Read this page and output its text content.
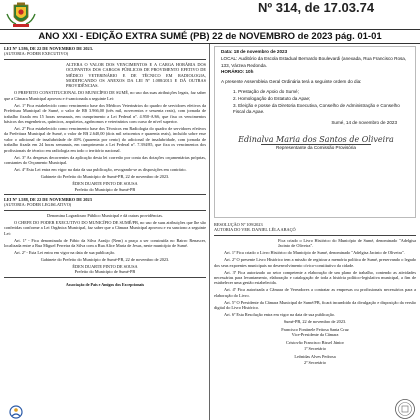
Nº 314, de 17.03.74
ANO XXI - EDIÇÃO EXTRA SUMÉ (PB) 22 de NOVEMBRO de 2023 pág. 01-01
LEI Nº 1.586, DE 22 DE NOVEMBRO DE 2023.
(AUTORIA: PODER EXECUTIVO)

ALTERA O VALOR DOS VENCIMENTOS E A CARGA HORÁRIA DOS OCUPANTES DOS CARGOS PÚBLICOS DE PROVIMENTO EFETIVO DE MÉDICO VETERINÁRIO E DE TÉCNICO EM RADIOLOGIA, MODIFICANDO OS ANEXOS DA LEI Nº 1.088/2013 E DÁ OUTRAS PROVIDÊNCIAS.

O PREFEITO CONSTITUCIONAL DO MUNICÍPIO DE SUMÉ, no uso das suas atribuições legais, faz saber que a Câmara Municipal aprovou e é sancionada a seguinte Lei:

Art. 1º Fica estabelecido como vencimento base dos Médicos Veterinários do quadro de servidores efetivos da Prefeitura Municipal de Sumé, o valor de R$ 3.966,00 (três mil, novecentos e sessenta reais), com jornada de trabalho fixada em 15 horas semanais, em cumprimento a Lei Federal nº. 4.950-A/66, que fixa os vencimentos básicos dos engenheiros, químicos, arquitetos, agrônomos e veterinários com curso de nível superior.

Art. 2º Fica estabelecido como vencimento base dos Técnicos em Radiologia do quadro de servidores efetivos da Prefeitura Municipal de Sumé, o valor de R$ 2.640,00 (dois mil seiscentos e quarenta reais), incluído sobre esse valor o adicional de insalubridade de 40% (quarenta por cento) do adicional de insalubridade, com jornada de trabalho fixada em 24 horas semanais, em cumprimento a Lei Federal nº. 7.394/85, que fixa os vencimentos dos profissionais de técnico em radiologia em todo o território nacional.

Art. 3º As despesas decorrentes da aplicação desta lei correrão por conta das dotações orçamentárias próprias, constantes do Orçamento Municipal.

Art. 4º Esta Lei entra em vigor na data da sua publicação, revogando-se as disposições em contrário.

Gabinete do Prefeito do Município de Sumé-PB, 22 de novembro de 2023.

ÉDEN DUARTE PINTO DE SOUSA
Prefeito do Município de Sumé-PB
LEI Nº 1.588, DE 22 DE NOVEMBRO DE 2023
(AUTORIA: PODER LEGISLATIVO)

Denomina Logradouro Público Municipal e dá outras providências.

O CHEFE DO PODER EXECUTIVO DO MUNICÍPIO DE SUMÉ/PB, no uso de suas atribuições que lhe são conferidas conforme a Lei Orgânica Municipal, faz saber que a Câmara Municipal aprovou e eu sanciono a seguinte Lei:

Art. 1º - Fica denominada de Fábio da Silva Araújo (Nem) a praça a ser construída no Bairro Renascer, localizada entre a Rua Miguel Ferreira da Silva com a Rua Alice Maria de Jesus, neste município de Sumé.

Art. 2º - Esta Lei entra em vigor na data de sua publicação.

Gabinete do Prefeito do Município de Sumé-PB, 22 de novembro de 2023.

ÉDEN DUARTE PINTO DE SOUSA
Prefeito do Município de Sumé-PB
Associação de Pais e Amigos dos Excepcionais
Data: 18 de novembro de 2023
LOCAL: Auditório da Escola Estadual Bernardo Boulevardi (anexada, Rua Francisco Rosa, 133, Várzea Redonda.
HORÁRIO: 10h
A presente Assembleia Geral Ordinária terá a seguinte ordem do dia:
1. Prestação de Apoio do Sumé;
2. Homologação do Estatuto da Apae;
3. Eleição e posse da Diretoria Executiva, Conselho de Administração e Conselho Fiscal da Apae.
Sumé, 14 de novembro de 2023
Edinalva Maria dos Santos de Oliveira
Representante da Comissão Provisória
RESOLUÇÃO Nº 109/2023
AUTORIA DO VER. DANIEL LÉLA ABAÇÓ

Fica criado o Livro Histórico do Município de Sumé, denominado "Adelgisa Jacinto de Oliveira".

Art. 1º Fica criado o Livro Histórico do Município de Sumé, denominado "Adelgisa Jacinto de Oliveira".

Art. 2º O presente Livro Histórico tem a missão de registrar a memória política de Sumé, preservando o legado dos seus expoentes municipais no desenvolvimento cívico-constitutivo da cidade.

Art. 3º Fica autorizado ao setor competente a elaboração de um plano de trabalho, contendo as atividades necessárias para levantamento, elaboração e catalogação de toda a história político-legislativa municipal, a fim de estabelecer uma gestão estabelecida.

Art. 4º Fica autorizada a Câmara de Vereadores a contratar as empresas ou profissionais necessários para a elaboração do Livro.

Art. 5º O Presidente da Câmara Municipal de Sumé/PB, ficará incumbido da divulgação e disposição da versão digital do Livro Histórico.

Art. 6º Esta Resolução entra em vigor na data de sua publicação.

Sumé-PB, 22 de novembro de 2023.

Francisco Fontinele Feitosa Santa Cruz
Vice-Presidente da Câmara
Cristovão Francisco Bissel Júnior
1º Secretário
Leônidas Alves Pedrosa
2º Secretário
